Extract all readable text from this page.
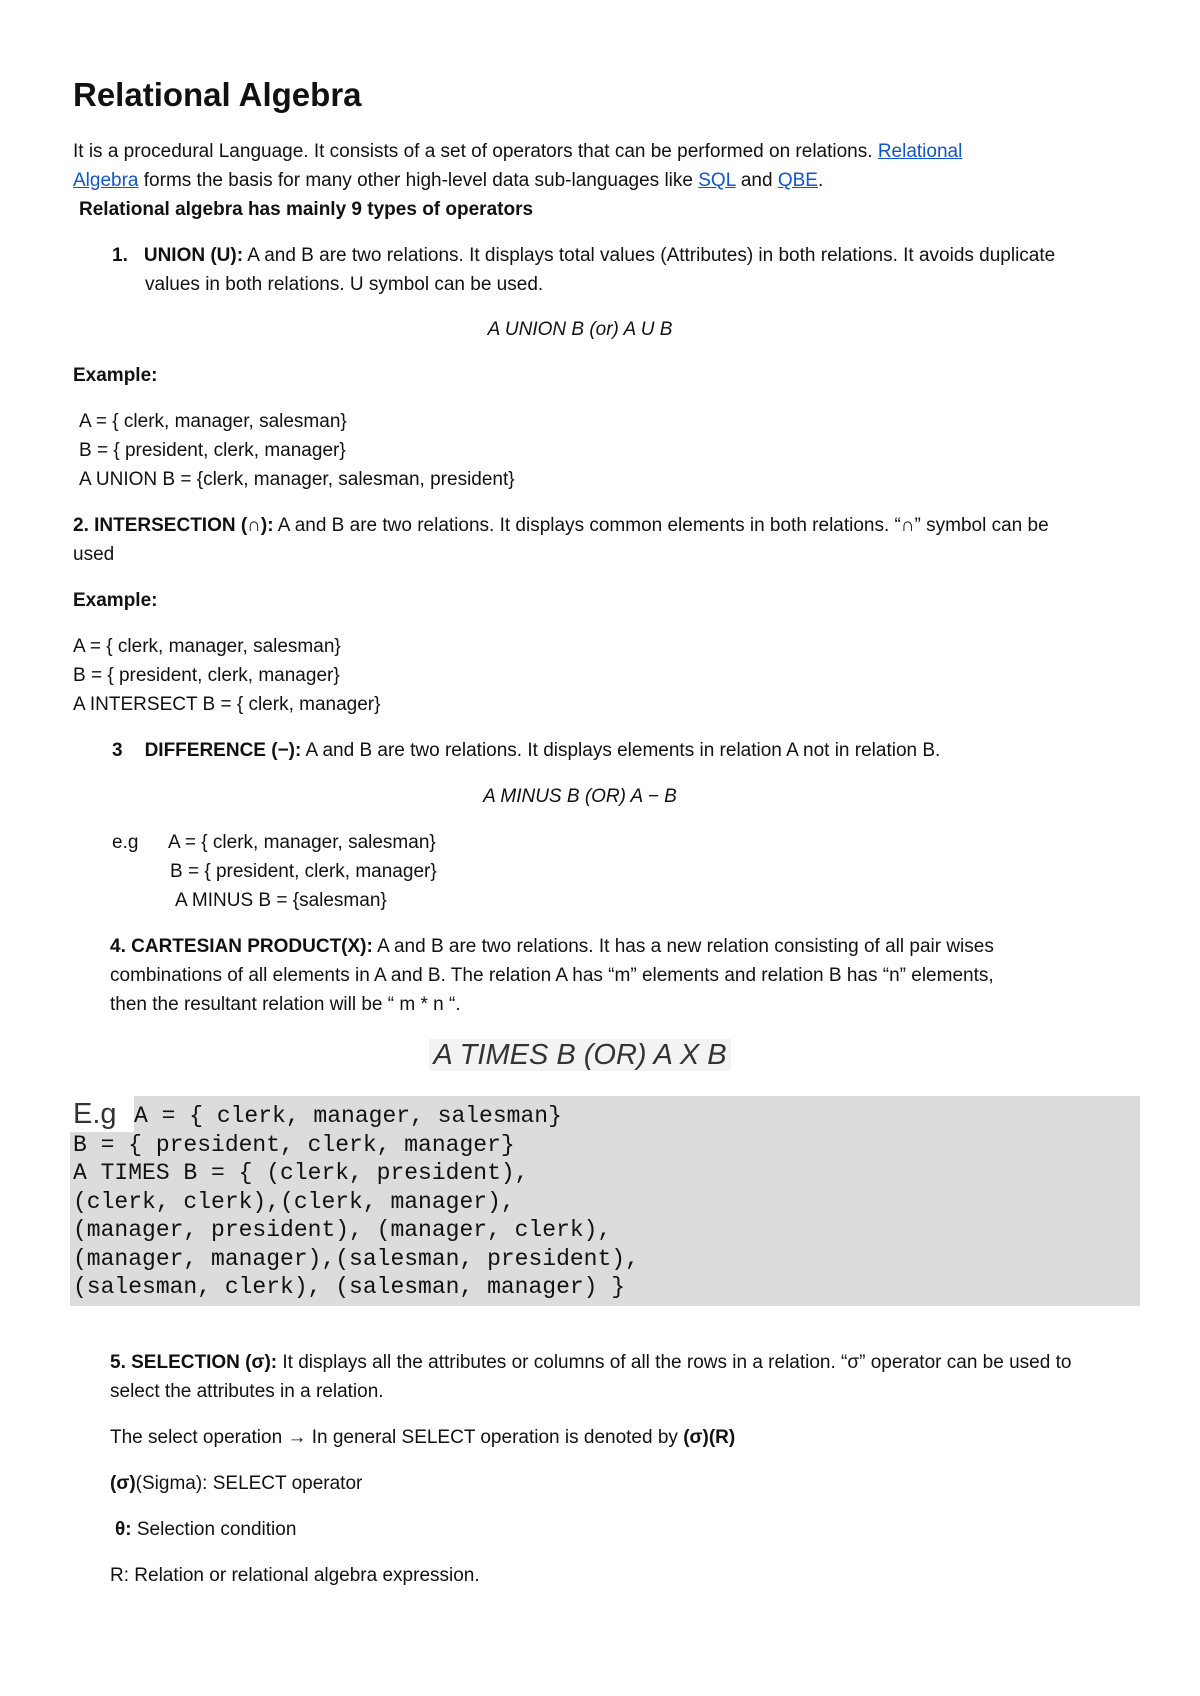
Relational Algebra
It is a procedural Language. It consists of a set of operators that can be performed on relations. Relational
Algebra forms the basis for many other high-level data sub-languages like SQL and QBE.
Relational algebra has mainly 9 types of operators
1. UNION (U): A and B are two relations. It displays total values (Attributes) in both relations. It avoids duplicate
values in both relations. U symbol can be used.
A UNION B (or) A U B
Example:
A = { clerk, manager, salesman}
B = { president, clerk, manager}
A UNION B = {clerk, manager, salesman, president}
2. INTERSECTION (∩): A and B are two relations. It displays common elements in both relations. “∩” symbol can be
used
Example:
A = { clerk, manager, salesman}
B = { president, clerk, manager}
A INTERSECT B = { clerk, manager}
3 DIFFERENCE (−): A and B are two relations. It displays elements in relation A not in relation B.
A MINUS B (OR) A − B
e.g A = { clerk, manager, salesman}
B = { president, clerk, manager}
A MINUS B = {salesman}
4. CARTESIAN PRODUCT(X): A and B are two relations. It has a new relation consisting of all pair wises
combinations of all elements in A and B. The relation A has “m” elements and relation B has “n” elements,
then the resultant relation will be “ m * n “.
A TIMES B (OR) A X B
E.g A = { clerk, manager, salesman}
B = { president, clerk, manager}
A TIMES B = { (clerk, president),
(clerk, clerk),(clerk, manager),
(manager, president), (manager, clerk),
(manager, manager),(salesman, president),
(salesman, clerk), (salesman, manager) }
5. SELECTION (σ): It displays all the attributes or columns of all the rows in a relation. “σ” operator can be used to
select the attributes in a relation.
The select operation → In general SELECT operation is denoted by (σ)(R)
(σ)(Sigma): SELECT operator
θ: Selection condition
R: Relation or relational algebra expression.
